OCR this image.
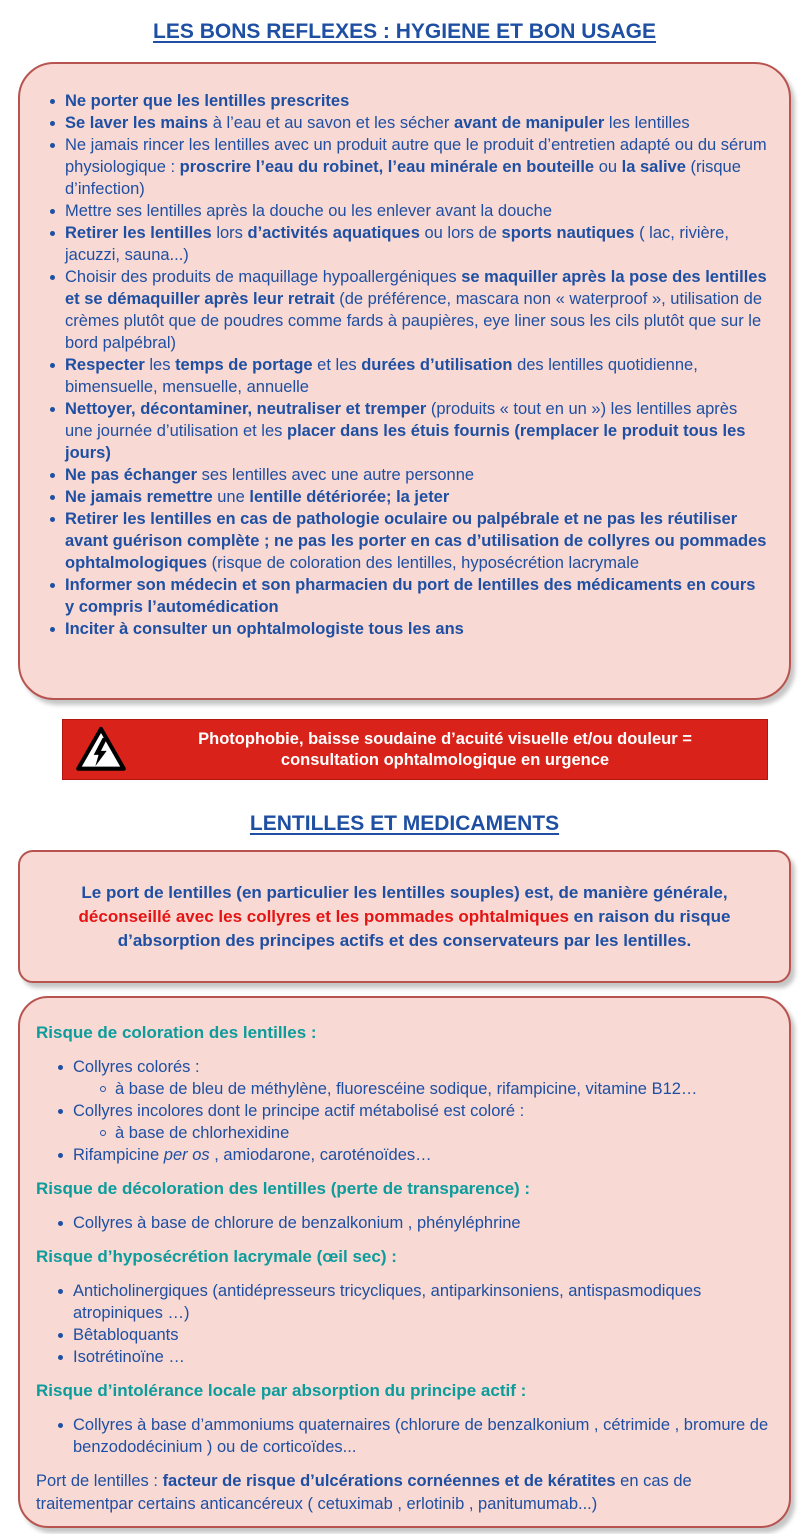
LES BONS REFLEXES : HYGIENE ET BON USAGE
Ne porter que les lentilles prescrites
Se laver les mains à l’eau et au savon et les sécher avant de manipuler les lentilles
Ne jamais rincer les lentilles avec un produit autre que le produit d’entretien adapté ou du sérum physiologique : proscrire l’eau du robinet, l’eau minérale en bouteille ou la salive (risque d’infection)
Mettre ses lentilles après la douche ou les enlever avant la douche
Retirer les lentilles lors d’activités aquatiques ou lors de sports nautiques ( lac, rivière, jacuzzi, sauna...)
Choisir des produits de maquillage hypoallergéniques se maquiller après la pose des lentilles et se démaquiller après leur retrait (de préférence, mascara non « waterproof », utilisation de crèmes plutôt que de poudres comme fards à paupières, eye liner sous les cils plutôt que sur le bord palpébral)
Respecter les temps de portage et les durées d’utilisation des lentilles quotidienne, bimensuelle, mensuelle, annuelle
Nettoyer, décontaminer, neutraliser et tremper (produits « tout en un ») les lentilles après une journée d’utilisation et les placer dans les étuis fournis (remplacer le produit tous les jours)
Ne pas échanger ses lentilles avec une autre personne
Ne jamais remettre une lentille détériorée; la jeter
Retirer les lentilles en cas de pathologie oculaire ou palpébrale et ne pas les réutiliser avant guérison complète ; ne pas les porter en cas d’utilisation de collyres ou pommades ophtalmologiques (risque de coloration des lentilles, hyposécrétion lacrymale
Informer son médecin et son pharmacien du port de lentilles des médicaments en cours y compris l’automédication
Inciter à consulter un ophtalmologiste tous les ans
Photophobie, baisse soudaine d’acuité visuelle et/ou douleur =
consultation ophtalmologique en urgence
LENTILLES ET MEDICAMENTS
Le port de lentilles (en particulier les lentilles souples) est, de manière générale, déconseillé avec les collyres et les pommades ophtalmiques en raison du risque d’absorption des principes actifs et des conservateurs par les lentilles.
Risque de coloration des lentilles :
Collyres colorés :
à base de bleu de méthylène, fluorescéine sodique, rifampicine, vitamine B12…
Collyres incolores dont le principe actif métabolisé est coloré :
à base de chlorhexidine
Rifampicine per os , amiodarone, caroténoïdes…
Risque de décoloration des lentilles (perte de transparence) :
Collyres à base de chlorure de benzalkonium , phényléphrine
Risque d’hyposécrétion lacrymale (œil sec) :
Anticholinergiques (antidépresseurs tricycliques, antiparkinsoniens, antispasmodiques atropiniques …)
Bêtabloquants
Isotrétinoïne …
Risque d’intolérance locale par absorption du principe actif :
Collyres à base d’ammoniums quaternaires (chlorure de benzalkonium , cétrimide , bromure de benzododécinium ) ou de corticoïdes...
Port de lentilles : facteur de risque d’ulcérations cornéennes et de kératites en cas de traitementpar certains anticancéreux ( cetuximab , erlotinib , panitumumab...)
